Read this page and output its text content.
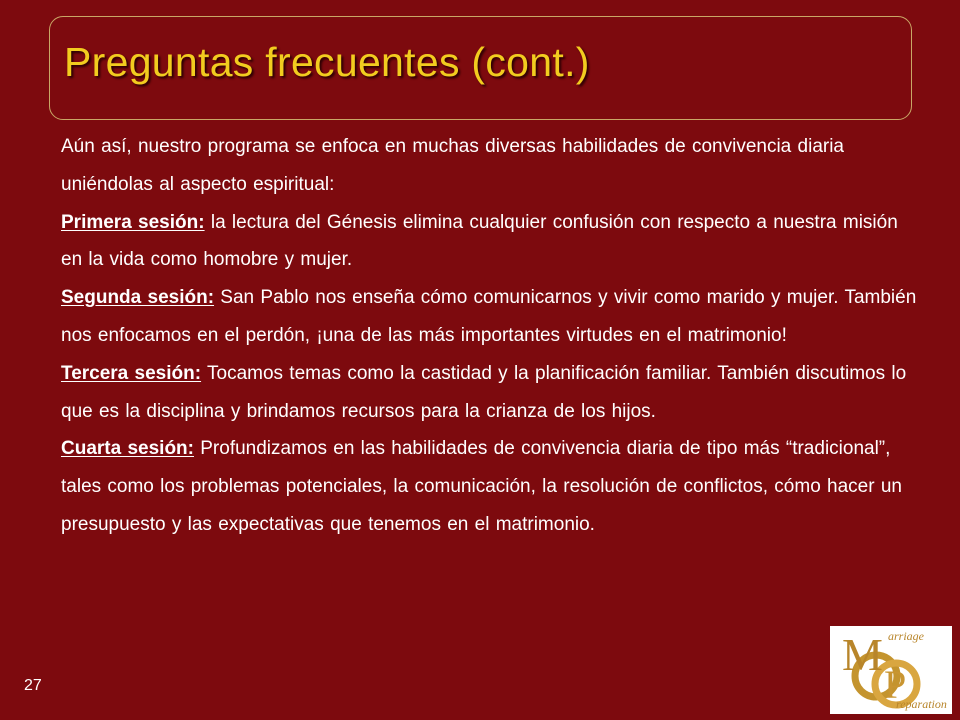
Preguntas frecuentes (cont.)

Aún así, nuestro programa se enfoca en muchas diversas habilidades de convivencia diaria uniéndolas al aspecto espiritual:

Primera sesión: la lectura del Génesis elimina cualquier confusión con respecto a nuestra misión en la vida como homobre y mujer.

Segunda sesión: San Pablo nos enseña cómo comunicarnos y vivir como marido y mujer. También nos enfocamos en el perdón, ¡una de las más importantes virtudes en el matrimonio!

Tercera sesión: Tocamos temas como la castidad y la planificación familiar. También discutimos lo que es la disciplina y brindamos recursos para la crianza de los hijos.

Cuarta sesión: Profundizamos en las habilidades de convivencia diaria de tipo más “tradicional”, tales como los problemas potenciales, la comunicación, la resolución de conflictos, cómo hacer un presupuesto y las expectativas que tenemos en el matrimonio.

27
M
P
arriage
reparation
